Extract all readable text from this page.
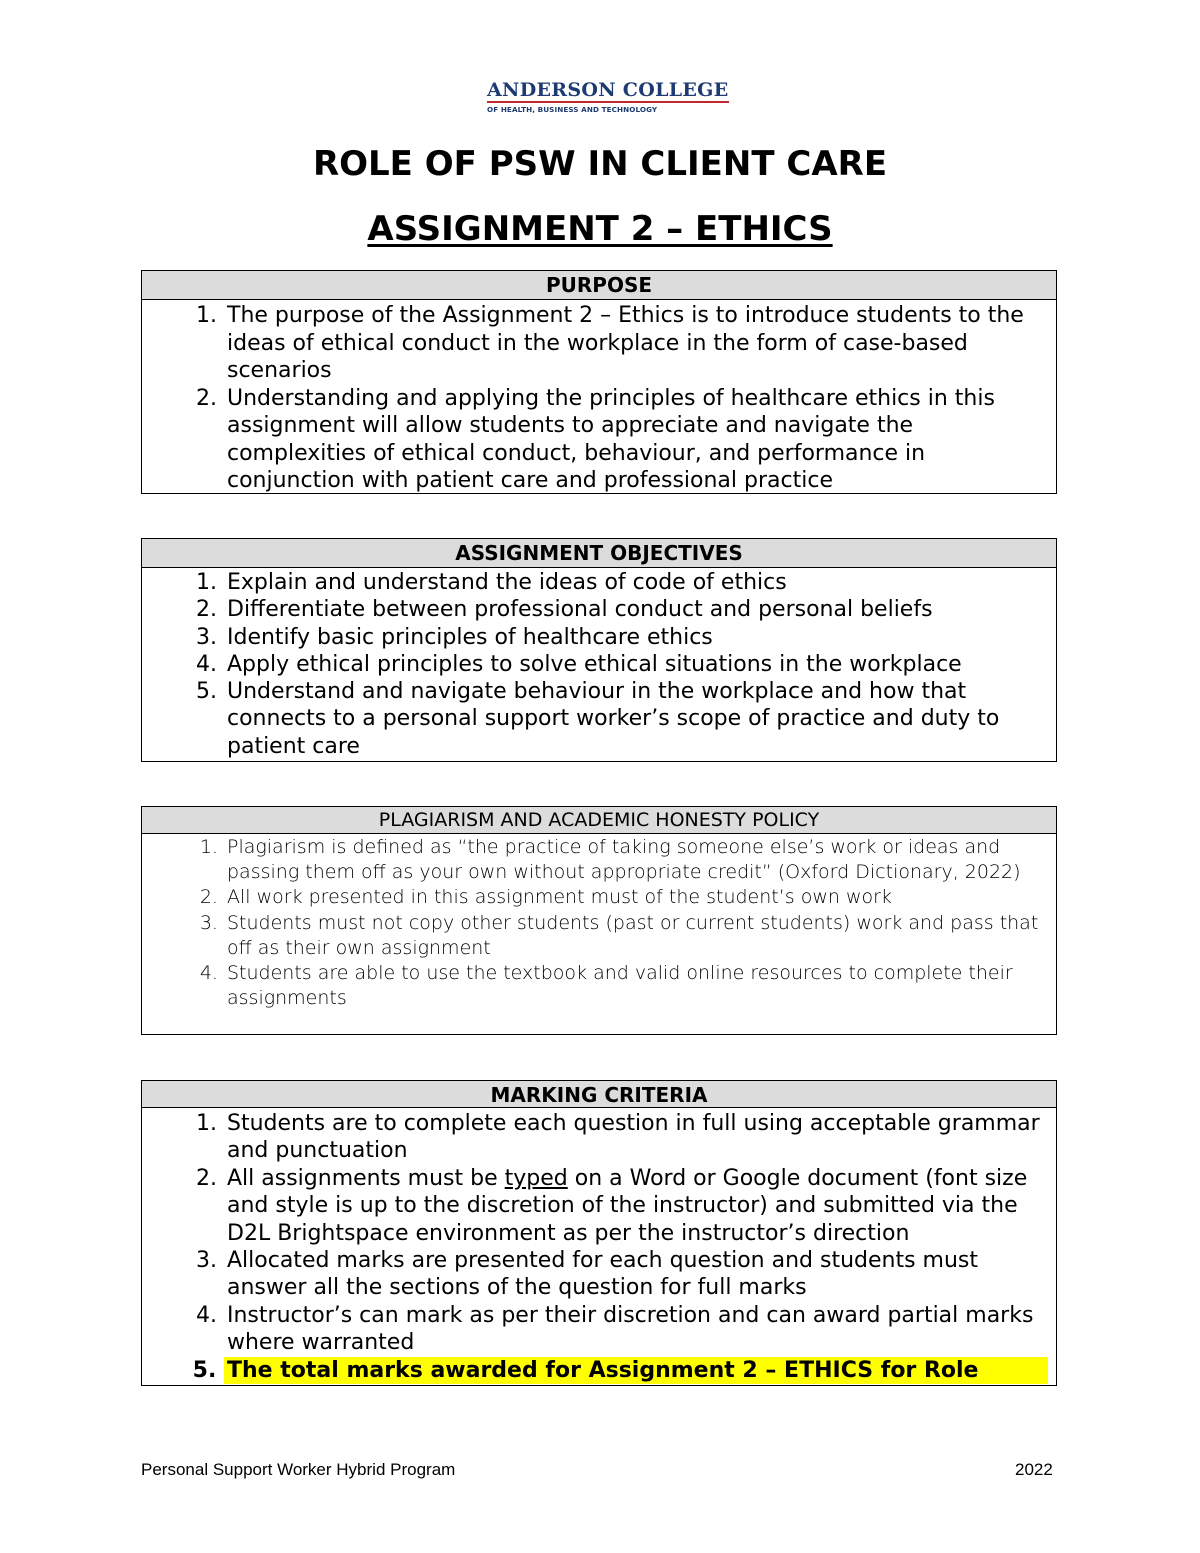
ANDERSON COLLEGE
OF HEALTH, BUSINESS AND TECHNOLOGY
ROLE OF PSW IN CLIENT CARE
ASSIGNMENT 2 – ETHICS
PURPOSE
1. The purpose of the Assignment 2 – Ethics is to introduce students to the ideas of ethical conduct in the workplace in the form of case-based scenarios
2. Understanding and applying the principles of healthcare ethics in this assignment will allow students to appreciate and navigate the complexities of ethical conduct, behaviour, and performance in conjunction with patient care and professional practice
ASSIGNMENT OBJECTIVES
1. Explain and understand the ideas of code of ethics
2. Differentiate between professional conduct and personal beliefs
3. Identify basic principles of healthcare ethics
4. Apply ethical principles to solve ethical situations in the workplace
5. Understand and navigate behaviour in the workplace and how that connects to a personal support worker’s scope of practice and duty to patient care
PLAGIARISM AND ACADEMIC HONESTY POLICY
1. Plagiarism is defined as “the practice of taking someone else’s work or ideas and passing them off as your own without appropriate credit” (Oxford Dictionary, 2022)
2. All work presented in this assignment must of the student’s own work
3. Students must not copy other students (past or current students) work and pass that off as their own assignment
4. Students are able to use the textbook and valid online resources to complete their assignments
MARKING CRITERIA
1. Students are to complete each question in full using acceptable grammar and punctuation
2. All assignments must be typed on a Word or Google document (font size and style is up to the discretion of the instructor) and submitted via the D2L Brightspace environment as per the instructor’s direction
3. Allocated marks are presented for each question and students must answer all the sections of the question for full marks
4. Instructor’s can mark as per their discretion and can award partial marks where warranted
5. The total marks awarded for Assignment 2 – ETHICS for Role
Personal Support Worker Hybrid Program	2022
